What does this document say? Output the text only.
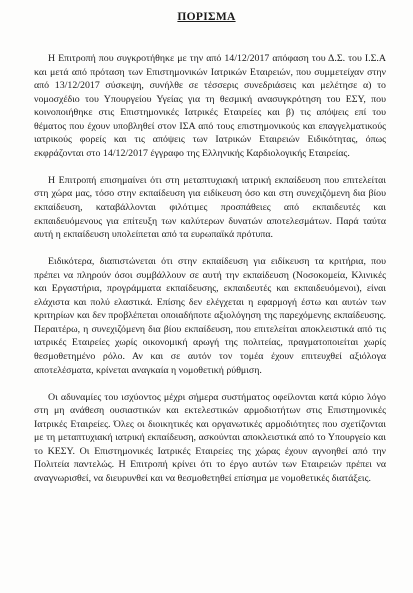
ΠΟΡΙΣΜΑ

Η Επιτροπή που συγκροτήθηκε με την από 14/12/2017 απόφαση του Δ.Σ. του Ι.Σ.Α και μετά από πρόταση των Επιστημονικών Ιατρικών Εταιρειών, που συμμετείχαν στην από 13/12/2017 σύσκεψη, συνήλθε σε τέσσερις συνεδριάσεις και μελέτησε α) το νομοσχέδιο του Υπουργείου Υγείας για τη θεσμική ανασυγκρότηση του ΕΣΥ, που κοινοποιήθηκε στις Επιστημονικές Ιατρικές Εταιρείες και β) τις απόψεις επί του θέματος που έχουν υποβληθεί στον ΙΣΑ από τους επιστημονικούς και επαγγελματικούς ιατρικούς φορείς και τις απόψεις των Ιατρικών Εταιρειών Ειδικότητας, όπως εκφράζονται στο 14/12/2017 έγγραφο της Ελληνικής Καρδιολογικής Εταιρείας.

Η Επιτροπή επισημαίνει ότι στη μεταπτυχιακή ιατρική εκπαίδευση που επιτελείται στη χώρα μας, τόσο στην εκπαίδευση για ειδίκευση όσο και στη συνεχιζόμενη δια βίου εκπαίδευση, καταβάλλονται φιλότιμες προσπάθειες από εκπαιδευτές και εκπαιδευόμενους για επίτευξη των καλύτερων δυνατών αποτελεσμάτων. Παρά ταύτα αυτή η εκπαίδευση υπολείπεται από τα ευρωπαϊκά πρότυπα.

Ειδικότερα, διαπιστώνεται ότι στην εκπαίδευση για ειδίκευση τα κριτήρια, που πρέπει να πληρούν όσοι συμβάλλουν σε αυτή την εκπαίδευση (Νοσοκομεία, Κλινικές και Εργαστήρια, προγράμματα εκπαίδευσης, εκπαιδευτές και εκπαιδευόμενοι), είναι ελάχιστα και πολύ ελαστικά. Επίσης δεν ελέγχεται η εφαρμογή έστω και αυτών των κριτηρίων και δεν προβλέπεται οποιαδήποτε αξιολόγηση της παρεχόμενης εκπαίδευσης. Περαιτέρω, η συνεχιζόμενη δια βίου εκπαίδευση, που επιτελείται αποκλειστικά από τις ιατρικές Εταιρείες χωρίς οικονομική αρωγή της πολιτείας, πραγματοποιείται χωρίς θεσμοθετημένο ρόλο. Αν και σε αυτόν τον τομέα έχουν επιτευχθεί αξιόλογα αποτελέσματα, κρίνεται αναγκαία η νομοθετική ρύθμιση.

Οι αδυναμίες του ισχύοντος μέχρι σήμερα συστήματος οφείλονται κατά κύριο λόγο στη μη ανάθεση ουσιαστικών και εκτελεστικών αρμοδιοτήτων στις Επιστημονικές Ιατρικές Εταιρείες. Όλες οι διοικητικές και οργανωτικές αρμοδιότητες που σχετίζονται με τη μεταπτυχιακή ιατρική εκπαίδευση, ασκούνται αποκλειστικά από το Υπουργείο και το ΚΕΣΥ. Οι Επιστημονικές Ιατρικές Εταιρείες της χώρας έχουν αγνοηθεί από την Πολιτεία παντελώς. Η Επιτροπή κρίνει ότι το έργο αυτών των Εταιρειών πρέπει να αναγνωρισθεί, να διευρυνθεί και να θεσμοθετηθεί επίσημα με νομοθετικές διατάξεις.
